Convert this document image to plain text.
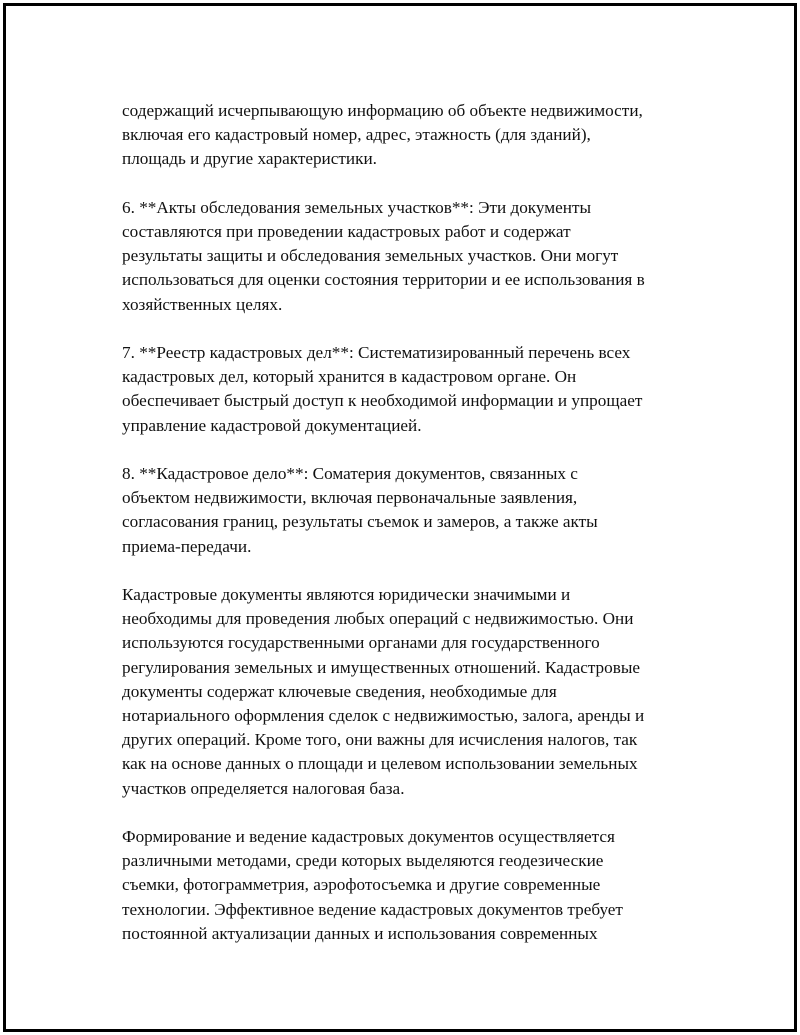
содержащий исчерпывающую информацию об объекте недвижимости,
включая его кадастровый номер, адрес, этажность (для зданий),
площадь и другие характеристики.

6. **Акты обследования земельных участков**: Эти документы
составляются при проведении кадастровых работ и содержат
результаты защиты и обследования земельных участков. Они могут
использоваться для оценки состояния территории и ее использования в
хозяйственных целях.

7. **Реестр кадастровых дел**: Систематизированный перечень всех
кадастровых дел, который хранится в кадастровом органе. Он
обеспечивает быстрый доступ к необходимой информации и упрощает
управление кадастровой документацией.

8. **Кадастровое дело**: Соматерия документов, связанных с
объектом недвижимости, включая первоначальные заявления,
согласования границ, результаты съемок и замеров, а также акты
приема-передачи.

Кадастровые документы являются юридически значимыми и
необходимы для проведения любых операций с недвижимостью. Они
используются государственными органами для государственного
регулирования земельных и имущественных отношений. Кадастровые
документы содержат ключевые сведения, необходимые для
нотариального оформления сделок с недвижимостью, залога, аренды и
других операций. Кроме того, они важны для исчисления налогов, так
как на основе данных о площади и целевом использовании земельных
участков определяется налоговая база.

Формирование и ведение кадастровых документов осуществляется
различными методами, среди которых выделяются геодезические
съемки, фотограмметрия, аэрофотосъемка и другие современные
технологии. Эффективное ведение кадастровых документов требует
постоянной актуализации данных и использования современных
